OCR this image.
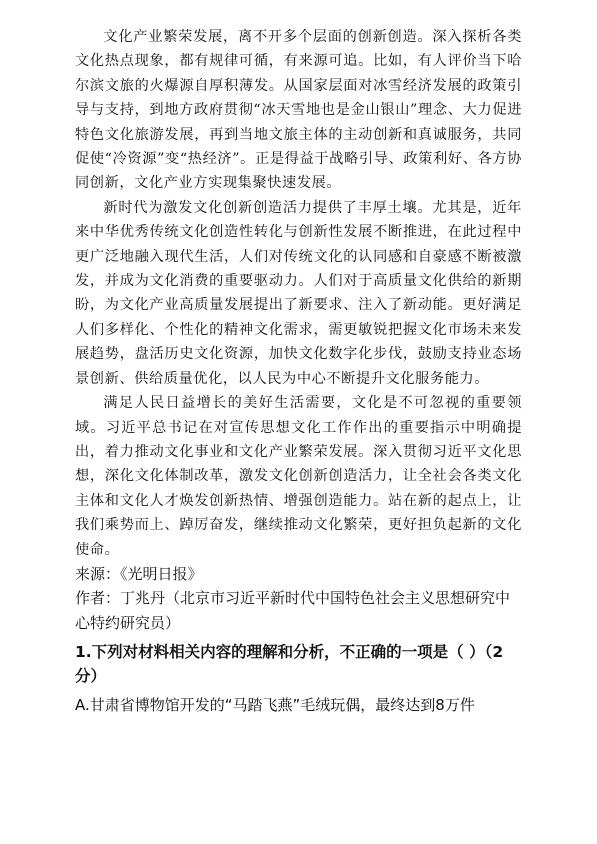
文化产业繁荣发展，离不开多个层面的创新创造。深入探析各类文化热点现象，都有规律可循，有来源可追。比如，有人评价当下哈尔滨文旅的火爆源自厚积薄发。从国家层面对冰雪经济发展的政策引导与支持，到地方政府贯彻“冰天雪地也是金山银山”理念、大力促进特色文化旅游发展，再到当地文旅主体的主动创新和真诚服务，共同促使“冷资源”变“热经济”。正是得益于战略引导、政策利好、各方协同创新，文化产业方实现集聚快速发展。

新时代为激发文化创新创造活力提供了丰厚土壤。尤其是，近年来中华优秀传统文化创造性转化与创新性发展不断推进，在此过程中更广泛地融入现代生活，人们对传统文化的认同感和自豪感不断被激发，并成为文化消费的重要驱动力。人们对于高质量文化供给的新期盼，为文化产业高质量发展提出了新要求、注入了新动能。更好满足人们多样化、个性化的精神文化需求，需更敏锐把握文化市场未来发展趋势，盘活历史文化资源，加快文化数字化步伐，鼓励支持业态场景创新、供给质量优化，以人民为中心不断提升文化服务能力。

满足人民日益增长的美好生活需要，文化是不可忽视的重要领域。习近平总书记在对宣传思想文化工作作出的重要指示中明确提出，着力推动文化事业和文化产业繁荣发展。深入贯彻习近平文化思想，深化文化体制改革，激发文化创新创造活力，让全社会各类文化主体和文化人才焕发创新热情、增强创造能力。站在新的起点上，让我们乘势而上、踔厉奋发，继续推动文化繁荣，更好担负起新的文化使命。

来源：《光明日报》

作者：丁兆丹（北京市习近平新时代中国特色社会主义思想研究中心特约研究员）

1.下列对材料相关内容的理解和分析，不正确的一项是（ ）（2分）

A.甘肃省博物馆开发的“马踏飞燕”毛绒玩偶，最终达到8万件
